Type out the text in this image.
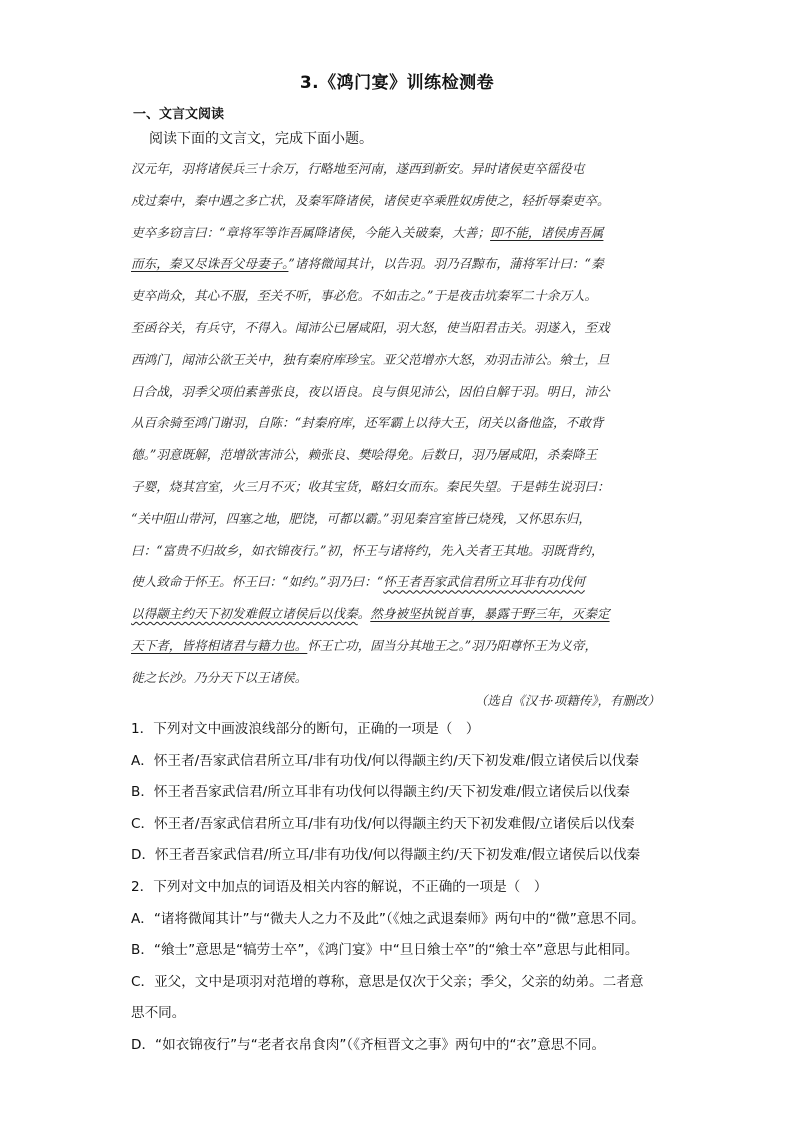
3.《鸿门宴》训练检测卷
一、文言文阅读
阅读下面的文言文，完成下面小题。
汉元年，羽将诸侯兵三十余万，行略地至河南，遂西到新安。异时诸侯吏卒徭役屯
戍过秦中，秦中遇之多亡状，及秦军降诸侯，诸侯吏卒乘胜奴虏使之，轻折辱秦吏卒。
吏卒多窃言曰：“章将军等诈吾属降诸侯，今能入关破秦，大善；即不能，诸侯虏吾属
而东，秦又尽诛吾父母妻子。”诸将微闻其计，以告羽。羽乃召黥布，蒲将军计曰：“秦
吏卒尚众，其心不服，至关不听，事必危。不如击之。”于是夜击坑秦军二十余万人。
至函谷关，有兵守，不得入。闻沛公已屠咸阳，羽大怒，使当阳君击关。羽遂入，至戏
西鸿门，闻沛公欲王关中，独有秦府库珍宝。亚父范增亦大怒，劝羽击沛公。飨士，旦
日合战，羽季父项伯素善张良，夜以语良。良与俱见沛公，因伯自解于羽。明日，沛公
从百余骑至鸿门谢羽，自陈：“封秦府库，还军霸上以待大王，闭关以备他盗，不敢背
德。”羽意既解，范增欲害沛公，赖张良、樊哙得免。后数日，羽乃屠咸阳，杀秦降王
子婴，烧其宫室，火三月不灭；收其宝货，略妇女而东。秦民失望。于是韩生说羽曰：
“关中阻山带河，四塞之地，肥饶，可都以霸。”羽见秦宫室皆已烧残，又怀思东归，
曰：“富贵不归故乡，如衣锦夜行。”初，怀王与诸将约，先入关者王其地。羽既背约，
使人致命于怀王。怀王曰：“如约。”羽乃曰：“怀王者吾家武信君所立耳非有功伐何
以得颛主约天下初发难假立诸侯后以伐秦。然身被坚执锐首事，暴露于野三年，灭秦定
天下者，皆将相诸君与籍力也。怀王亡功，固当分其地王之。”羽乃阳尊怀王为义帝，
徙之长沙。乃分天下以王诸侯。
（选自《汉书·项籍传》，有删改）
1．下列对文中画波浪线部分的断句，正确的一项是（　）
A．怀王者/吾家武信君所立耳/非有功伐/何以得颛主约/天下初发难/假立诸侯后以伐秦
B．怀王者吾家武信君/所立耳非有功伐何以得颛主约/天下初发难/假立诸侯后以伐秦
C．怀王者/吾家武信君所立耳/非有功伐/何以得颛主约天下初发难假/立诸侯后以伐秦
D．怀王者吾家武信君/所立耳/非有功伐/何以得颛主约/天下初发难/假立诸侯后以伐秦
2．下列对文中加点的词语及相关内容的解说，不正确的一项是（　）
A．“诸将微闻其计”与“微夫人之力不及此”（《烛之武退秦师》两句中的“微”意思不同。
B．“飨士”意思是“犒劳士卒”，《鸿门宴》中“旦日飨士卒”的“飨士卒”意思与此相同。
C．亚父，文中是项羽对范增的尊称，意思是仅次于父亲；季父，父亲的幼弟。二者意
思不同。
D．“如衣锦夜行”与“老者衣帛食肉”（《齐桓晋文之事》两句中的“衣”意思不同。
